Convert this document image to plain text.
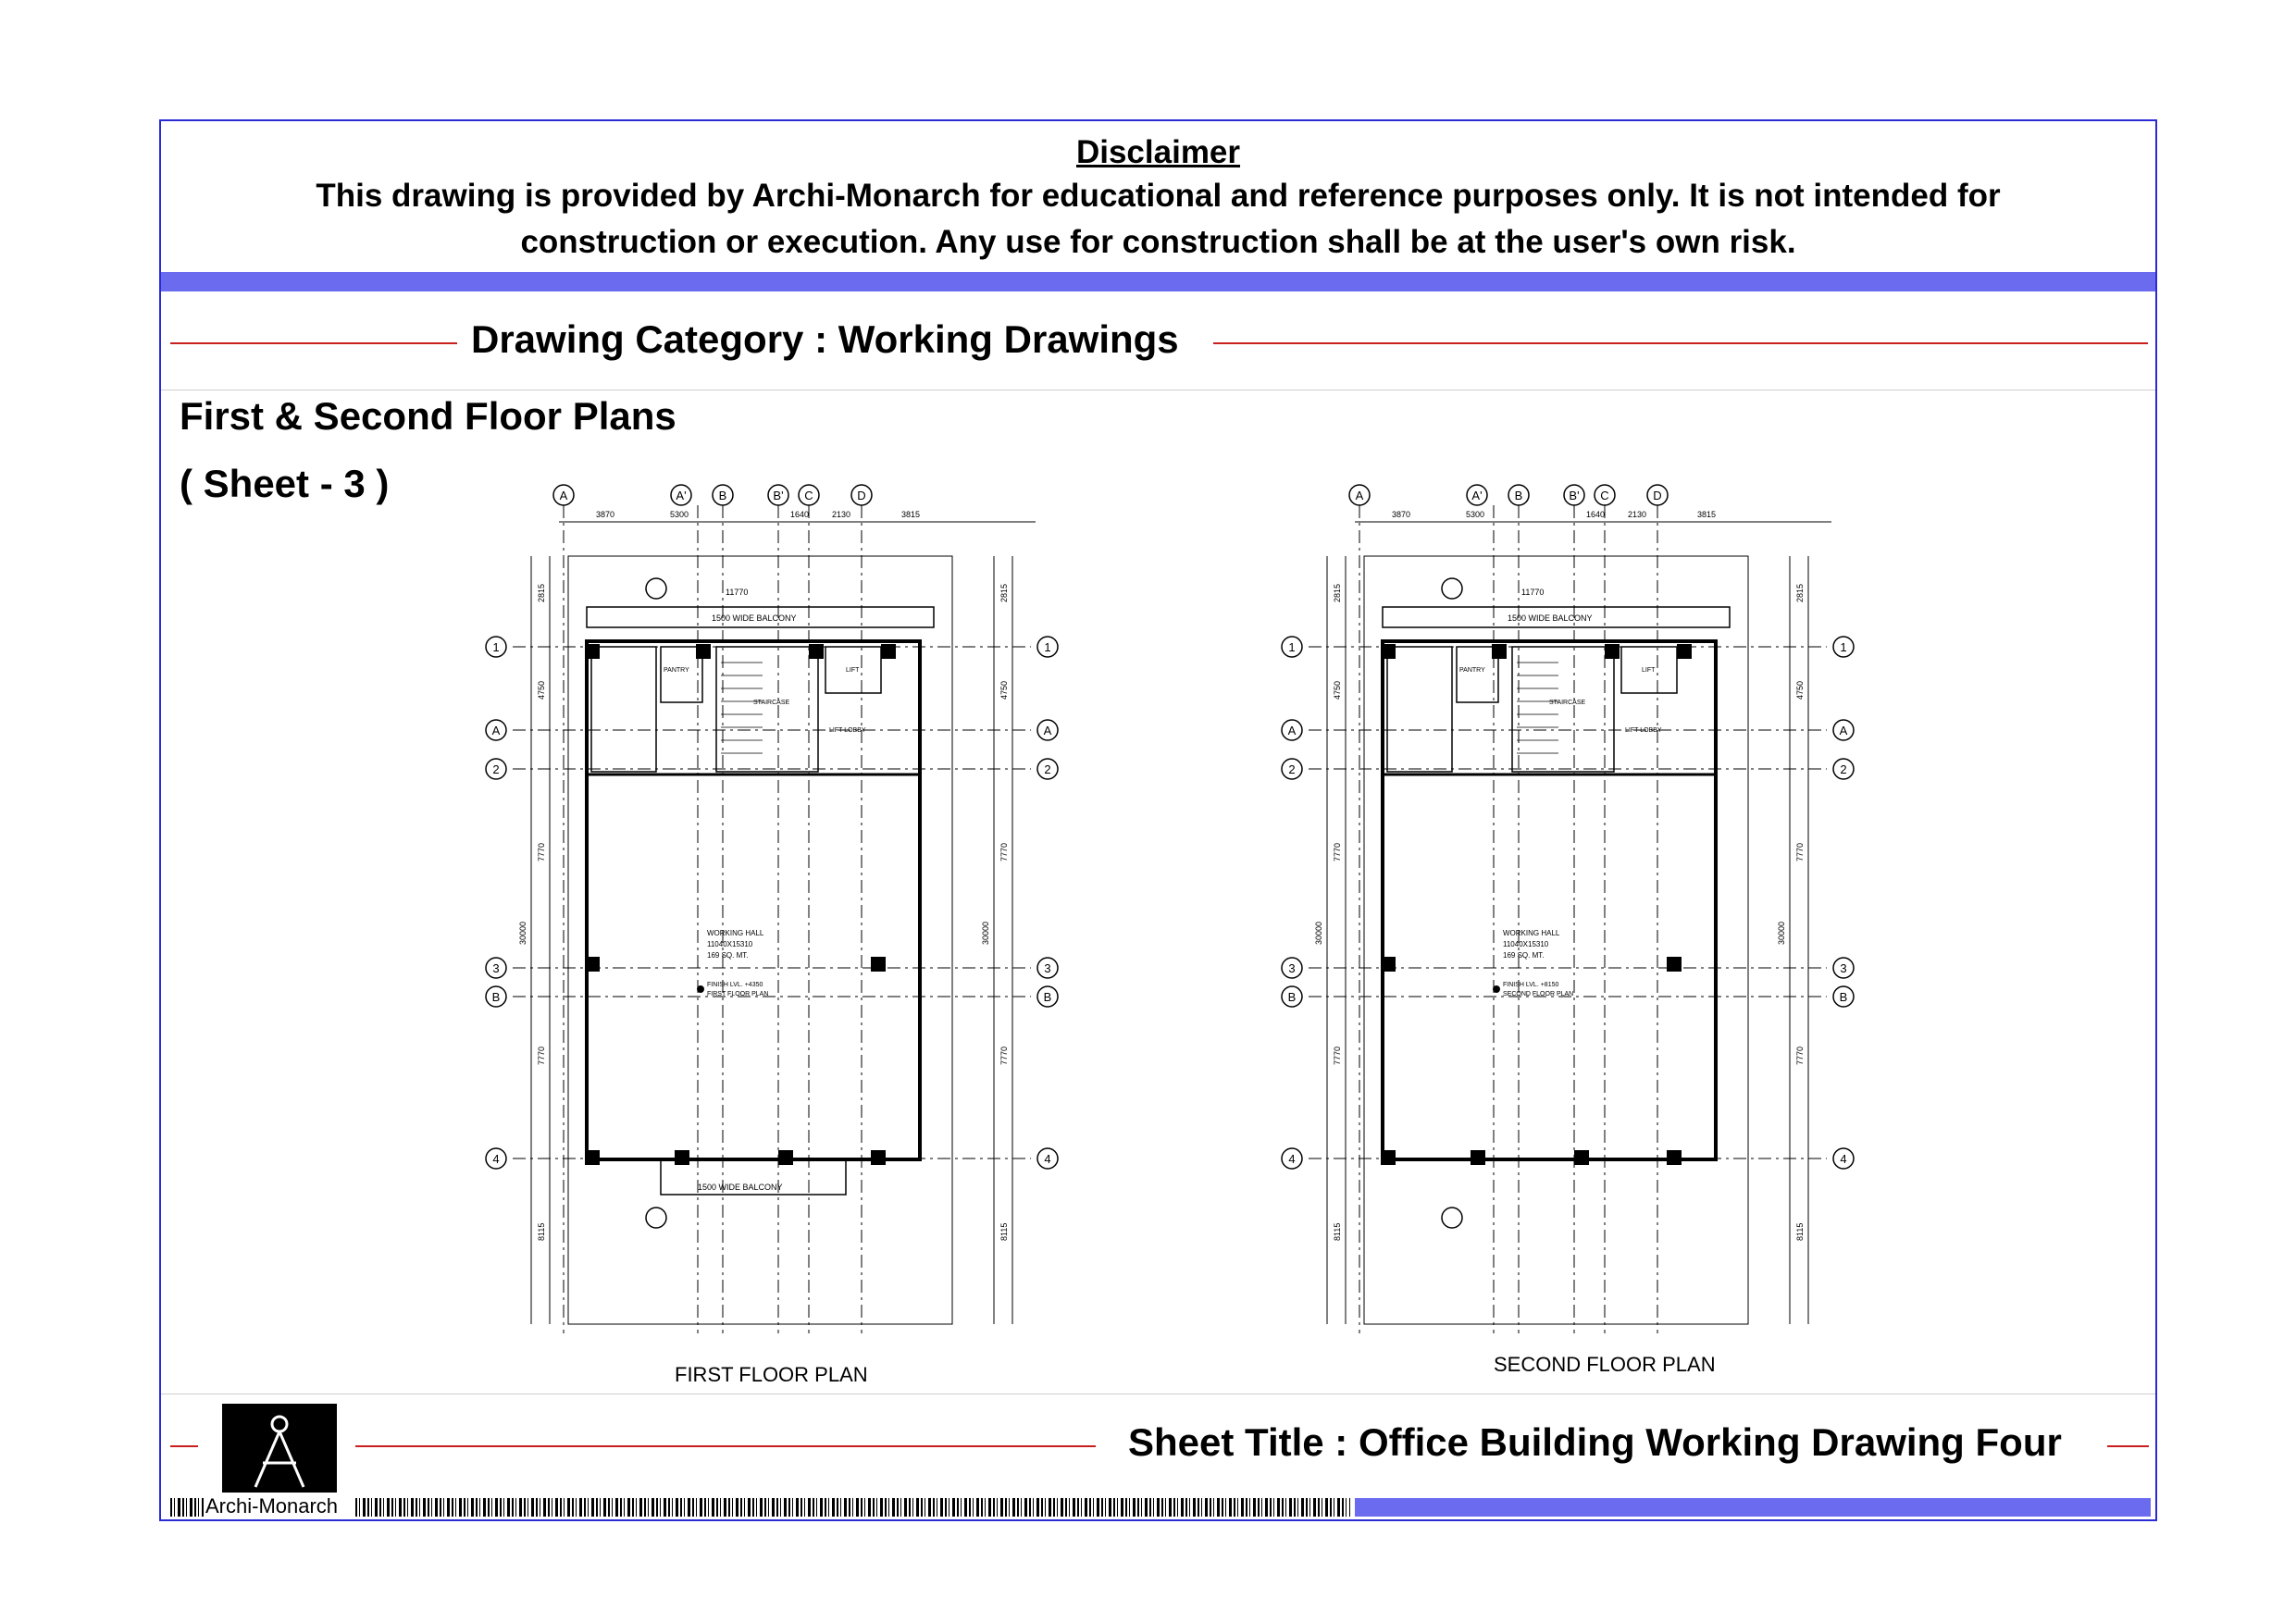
Disclaimer
This drawing is provided by Archi-Monarch for educational and reference purposes only. It is not intended for
construction or execution. Any use for construction shall be at the user's own risk.
Drawing Category : Working Drawings
First & Second Floor Plans
( Sheet - 3 )	A	A'	B	B' C	D
1	1
A	A
2	2
3	3
B	B
4	4
3870	5300	1640	2130	3815
2815	2815
4750	4750
7770	7770
7770	7770
8115	8115
30000	30000
11770
1500 WIDE BALCONY
PANTRY
STAIRCASE
LIFT
LIFT LOBBY
WORKING HALL
11040X15310
169 SQ. MT.
FINISH LVL. +4350
FIRST FLOOR PLAN
1500 WIDE BALCONY
A	A'	B	B' C	D
1	1
A	A
2	2
3	3
B	B
4	4
3870	5300	1640	2130	3815
2815	2815
4750	4750
7770	7770
7770	7770
8115	8115
30000	30000
11770
1500 WIDE BALCONY
PANTRY
STAIRCASE
LIFT
LIFT LOBBY
WORKING HALL
11040X15310
169 SQ. MT.
FINISH LVL. +8150
SECOND FLOOR PLAN
FIRST FLOOR PLAN	SECOND FLOOR PLAN
Sheet Title : Office Building Working Drawing Four
Archi-Monarch
